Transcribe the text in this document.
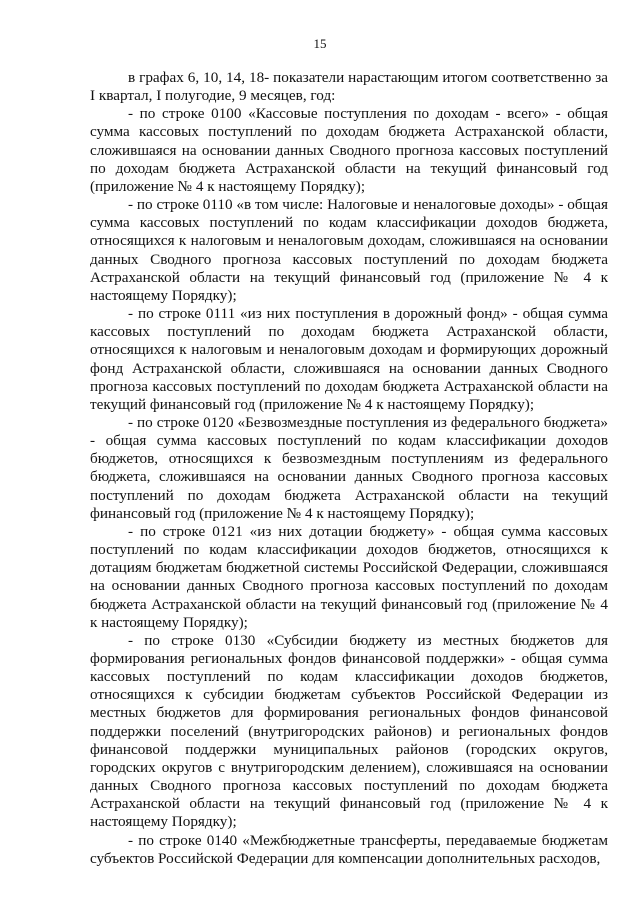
15

в графах 6, 10, 14, 18- показатели нарастающим итогом соответственно за I квартал, I полугодие, 9 месяцев, год:

- по строке 0100 «Кассовые поступления по доходам - всего» - общая сумма кассовых поступлений по доходам бюджета Астраханской области, сложившаяся на основании данных Сводного прогноза кассовых поступлений по доходам бюджета Астраханской области на текущий финансовый год (приложение № 4 к настоящему Порядку);

- по строке 0110 «в том числе: Налоговые и неналоговые доходы» - общая сумма кассовых поступлений по кодам классификации доходов бюджета, относящихся к налоговым и неналоговым доходам, сложившаяся на основании данных Сводного прогноза кассовых поступлений по доходам бюджета Астраханской области на текущий финансовый год (приложение № 4 к настоящему Порядку);

- по строке 0111 «из них поступления в дорожный фонд» - общая сумма кассовых поступлений по доходам бюджета Астраханской области, относящихся к налоговым и неналоговым доходам и формирующих дорожный фонд Астраханской области, сложившаяся на основании данных Сводного прогноза кассовых поступлений по доходам бюджета Астраханской области на текущий финансовый год (приложение № 4 к настоящему Порядку);

- по строке 0120 «Безвозмездные поступления из федерального бюджета» - общая сумма кассовых поступлений по кодам классификации доходов бюджетов, относящихся к безвозмездным поступлениям из федерального бюджета, сложившаяся на основании данных Сводного прогноза кассовых поступлений по доходам бюджета Астраханской области на текущий финансовый год (приложение № 4 к настоящему Порядку);

- по строке 0121 «из них дотации бюджету» - общая сумма кассовых поступлений по кодам классификации доходов бюджетов, относящихся к дотациям бюджетам бюджетной системы Российской Федерации, сложившаяся на основании данных Сводного прогноза кассовых поступлений по доходам бюджета Астраханской области на текущий финансовый год (приложение № 4 к настоящему Порядку);

- по строке 0130 «Субсидии бюджету из местных бюджетов для формирования региональных фондов финансовой поддержки» - общая сумма кассовых поступлений по кодам классификации доходов бюджетов, относящихся к субсидии бюджетам субъектов Российской Федерации из местных бюджетов для формирования региональных фондов финансовой поддержки поселений (внутригородских районов) и региональных фондов финансовой поддержки муниципальных районов (городских округов, городских округов с внутригородским делением), сложившаяся на основании данных Сводного прогноза кассовых поступлений по доходам бюджета Астраханской области на текущий финансовый год (приложение № 4 к настоящему Порядку);

- по строке 0140 «Межбюджетные трансферты, передаваемые бюджетам субъектов Российской Федерации для компенсации дополнительных расходов,
